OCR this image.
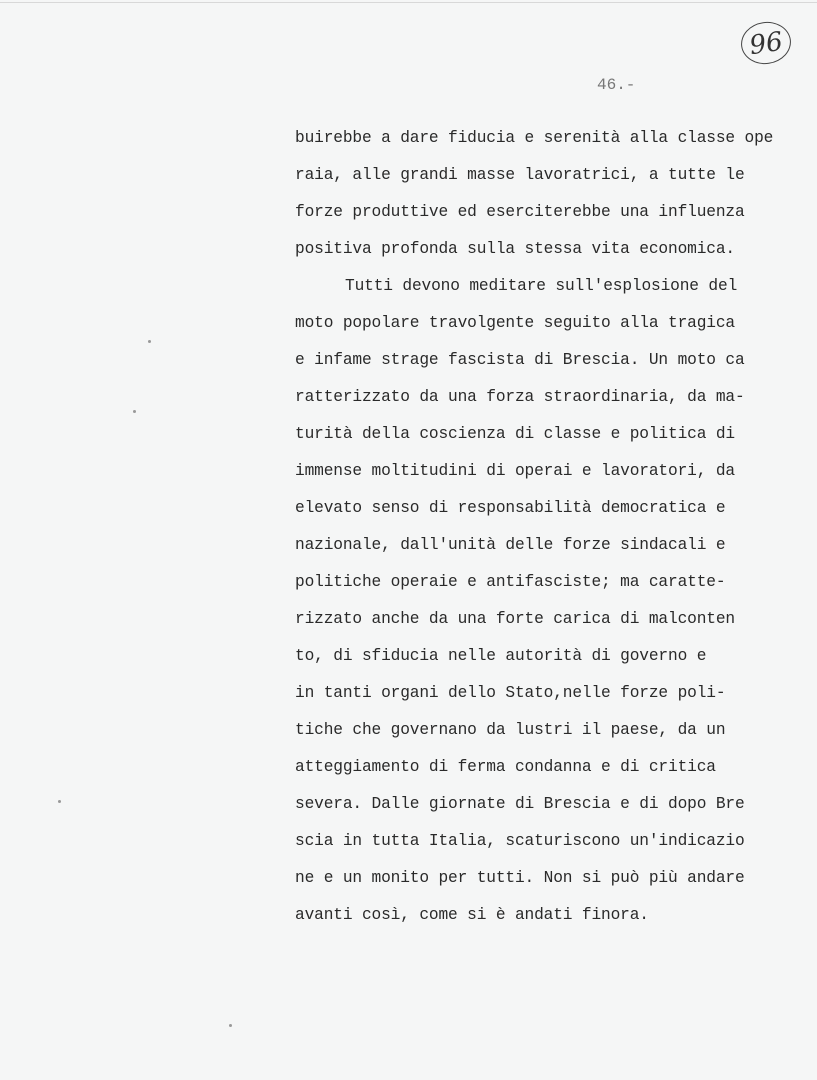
96
46.-
buirebbe a dare fiducia e serenità alla classe ope
raia, alle grandi masse lavoratrici, a tutte le
forze produttive ed eserciterebbe una influenza
positiva profonda sulla stessa vita economica.
Tutti devono meditare sull'esplosione del
moto popolare travolgente seguito alla tragica
e infame strage fascista di Brescia. Un moto ca
ratterizzato da una forza straordinaria, da ma-
turità della coscienza di classe e politica di
immense moltitudini di operai e lavoratori, da
elevato senso di responsabilità democratica e
nazionale, dall'unità delle forze sindacali e
politiche operaie e antifasciste; ma caratte-
rizzato anche da una forte carica di malconten
to, di sfiducia nelle autorità di governo e
in tanti organi dello Stato,nelle forze poli-
tiche che governano da lustri il paese, da un
atteggiamento di ferma condanna e di critica
severa. Dalle giornate di Brescia e di dopo Bre
scia in tutta Italia, scaturiscono un'indicazio
ne e un monito per tutti. Non si può più andare
avanti così, come si è andati finora.
